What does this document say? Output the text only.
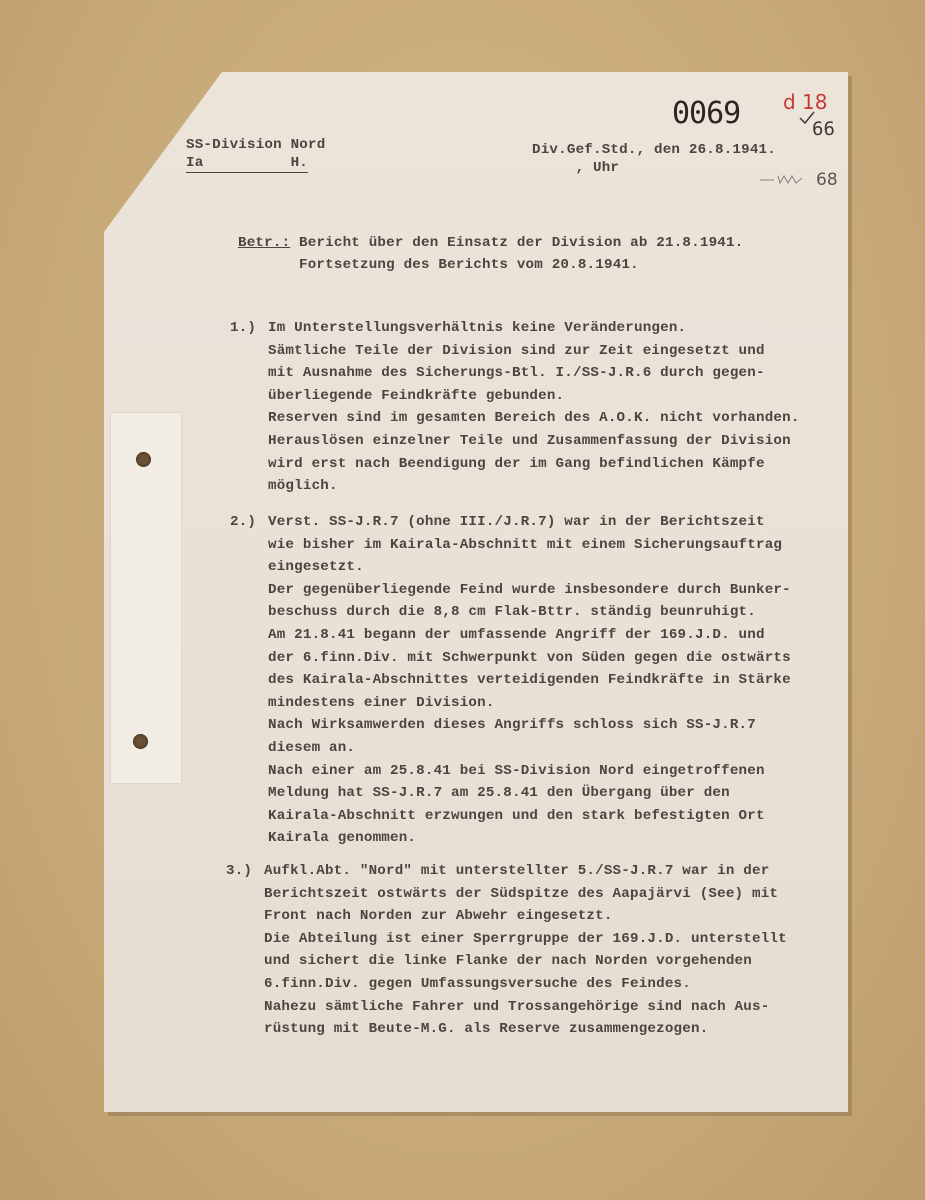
0069 d 18
66
68
SS-Division Nord
Ia          H.
Div.Gef.Std., den 26.8.1941.
, Uhr
Betr.: Bericht über den Einsatz der Division ab 21.8.1941.
Fortsetzung des Berichts vom 20.8.1941.
1.) Im Unterstellungsverhältnis keine Veränderungen.
Sämtliche Teile der Division sind zur Zeit eingesetzt und
mit Ausnahme des Sicherungs-Btl. I./SS-J.R.6 durch gegen-
überliegende Feindkräfte gebunden.
Reserven sind im gesamten Bereich des A.O.K. nicht vorhanden.
Herauslösen einzelner Teile und Zusammenfassung der Division
wird erst nach Beendigung der im Gang befindlichen Kämpfe
möglich.
2.) Verst. SS-J.R.7 (ohne III./J.R.7) war in der Berichtszeit
wie bisher im Kairala-Abschnitt mit einem Sicherungsauftrag
eingesetzt.
Der gegenüberliegende Feind wurde insbesondere durch Bunker-
beschuss durch die 8,8 cm Flak-Bttr. ständig beunruhigt.
Am 21.8.41 begann der umfassende Angriff der 169.J.D. und
der 6.finn.Div. mit Schwerpunkt von Süden gegen die ostwärts
des Kairala-Abschnittes verteidigenden Feindkräfte in Stärke
mindestens einer Division.
Nach Wirksamwerden dieses Angriffs schloss sich SS-J.R.7
diesem an.
Nach einer am 25.8.41 bei SS-Division Nord eingetroffenen
Meldung hat SS-J.R.7 am 25.8.41 den Übergang über den
Kairala-Abschnitt erzwungen und den stark befestigten Ort
Kairala genommen.
3.) Aufkl.Abt. "Nord" mit unterstellter 5./SS-J.R.7 war in der
Berichtszeit ostwärts der Südspitze des Aapajärvi (See) mit
Front nach Norden zur Abwehr eingesetzt.
Die Abteilung ist einer Sperrgruppe der 169.J.D. unterstellt
und sichert die linke Flanke der nach Norden vorgehenden
6.finn.Div. gegen Umfassungsversuche des Feindes.
Nahezu sämtliche Fahrer und Trossangehörige sind nach Aus-
rüstung mit Beute-M.G. als Reserve zusammengezogen.
